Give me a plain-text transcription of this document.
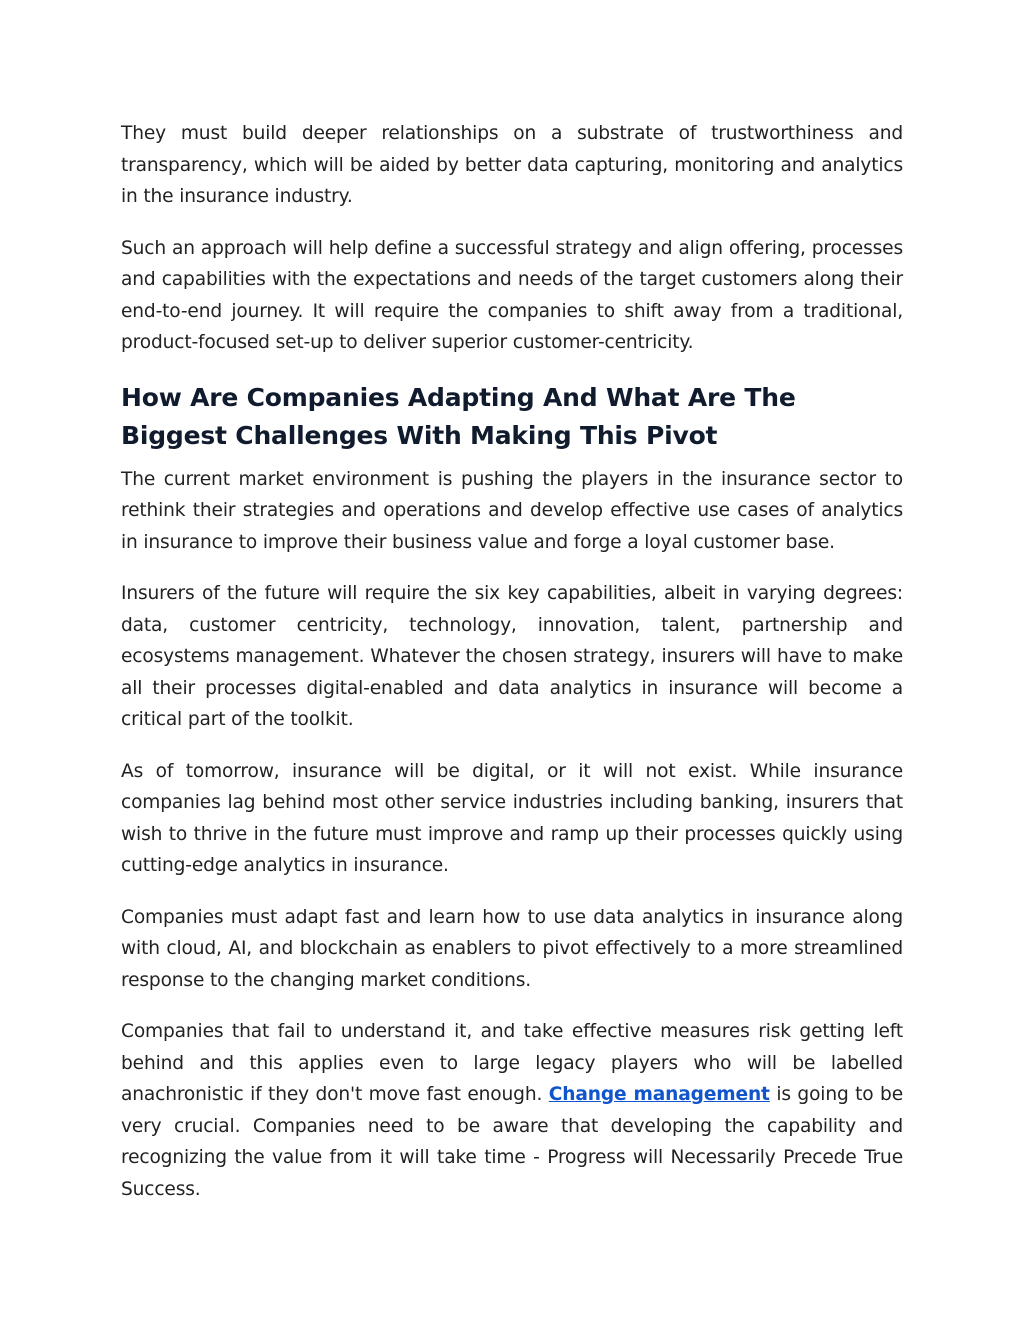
They must build deeper relationships on a substrate of trustworthiness and transparency, which will be aided by better data capturing, monitoring and analytics in the insurance industry.

Such an approach will help define a successful strategy and align offering, processes and capabilities with the expectations and needs of the target customers along their end-to-end journey. It will require the companies to shift away from a traditional, product-focused set-up to deliver superior customer-centricity.

How Are Companies Adapting And What Are The Biggest Challenges With Making This Pivot

The current market environment is pushing the players in the insurance sector to rethink their strategies and operations and develop effective use cases of analytics in insurance to improve their business value and forge a loyal customer base.

Insurers of the future will require the six key capabilities, albeit in varying degrees: data, customer centricity, technology, innovation, talent, partnership and ecosystems management. Whatever the chosen strategy, insurers will have to make all their processes digital-enabled and data analytics in insurance will become a critical part of the toolkit.

As of tomorrow, insurance will be digital, or it will not exist. While insurance companies lag behind most other service industries including banking, insurers that wish to thrive in the future must improve and ramp up their processes quickly using cutting-edge analytics in insurance.

Companies must adapt fast and learn how to use data analytics in insurance along with cloud, AI, and blockchain as enablers to pivot effectively to a more streamlined response to the changing market conditions.

Companies that fail to understand it, and take effective measures risk getting left behind and this applies even to large legacy players who will be labelled anachronistic if they don't move fast enough. Change management is going to be very crucial. Companies need to be aware that developing the capability and recognizing the value from it will take time - Progress will Necessarily Precede True Success.
